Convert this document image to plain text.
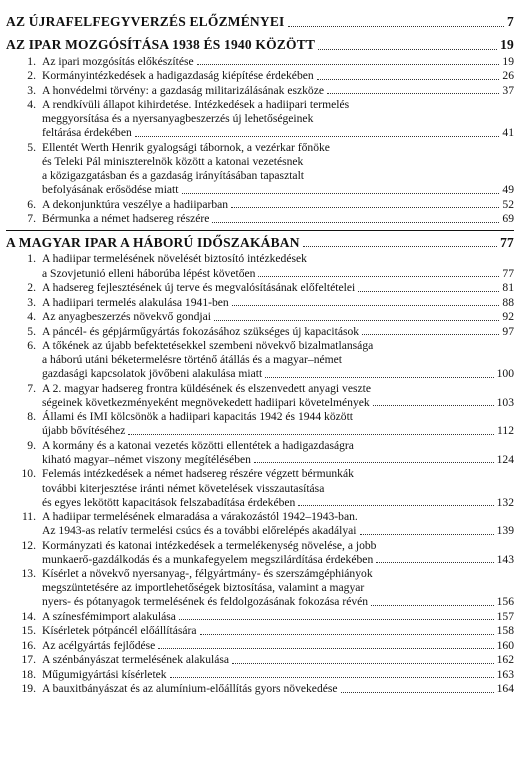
AZ ÚJRAFELFEGYVERZÉS ELŐZMÉNYEI	7
AZ IPAR MOZGÓSÍTÁSA 1938 ÉS 1940 KÖZÖTT	19
1. Az ipari mozgósítás előkészítése	19
2. Kormányintézkedések a hadigazdaság kiépítése érdekében	26
3. A honvédelmi törvény: a gazdaság militarizálásának eszköze	37
4. A rendkívüli állapot kihirdetése. Intézkedések a hadiipari termelés
meggyorsítása és a nyersanyagbeszerzés új lehetőségeinek
feltárása érdekében	41
5. Ellentét Werth Henrik gyalogsági tábornok, a vezérkar főnöke
és Teleki Pál miniszterelnök között a katonai vezetésnek
a közigazgatásban és a gazdaság irányításában tapasztalt
befolyásának erősödése miatt	49
6. A dekonjunktúra veszélye a hadiiparban	52
7. Bérmunka a német hadsereg részére	69
A MAGYAR IPAR A HÁBORÚ IDŐSZAKÁBAN	77
1. A hadiipar termelésének növelését biztosító intézkedések
a Szovjetunió elleni háborúba lépést követően	77
2. A hadsereg fejlesztésének új terve és megvalósításának előfeltételei	81
3. A hadiipari termelés alakulása 1941-ben	88
4. Az anyagbeszerzés növekvő gondjai	92
5. A páncél- és gépjárműgyártás fokozásához szükséges új kapacitások	97
6. A tőkének az újabb befektetésekkel szembeni növekvő bizalmatlansága
a háború utáni béketermelésre történő átállás és a magyar–német
gazdasági kapcsolatok jövőbeni alakulása miatt	100
7. A 2. magyar hadsereg frontra küldésének és elszenvedett anyagi veszte
ségeinek következményeként megnövekedett hadiipari követelmények	103
8. Állami és IMI kölcsönök a hadiipari kapacitás 1942 és 1944 között
újabb bővítéséhez	112
9. A kormány és a katonai vezetés közötti ellentétek a hadigazdaságra
kiható magyar–német viszony megítélésében	124
10. Felemás intézkedések a német hadsereg részére végzett bérmunkák
további kiterjesztése iránti német követelések visszautasítása
és egyes lekötött kapacitások felszabadítása érdekében	132
11. A hadiipar termelésének elmaradása a várakozástól 1942–1943-ban.
Az 1943-as relatív termelési csúcs és a további előrelépés akadályai	139
12. Kormányzati és katonai intézkedések a termelékenység növelése, a jobb
munkaerő-gazdálkodás és a munkafegyelem megszilárdítása érdekében	143
13. Kísérlet a növekvő nyersanyag-, félgyártmány- és szerszámgéphiányok
megszüntetésére az importlehetőségek biztosítása, valamint a magyar
nyers- és pótanyagok termelésének és feldolgozásának fokozása révén	156
14. A színesfémimport alakulása	157
15. Kísérletek pótpáncél előállítására	158
16. Az acélgyártás fejlődése	160
17. A szénbányászat termelésének alakulása	162
18. Műgumigyártási kísérletek	163
19. A bauxitbányászat és az alumínium-előállítás gyors növekedése	164
